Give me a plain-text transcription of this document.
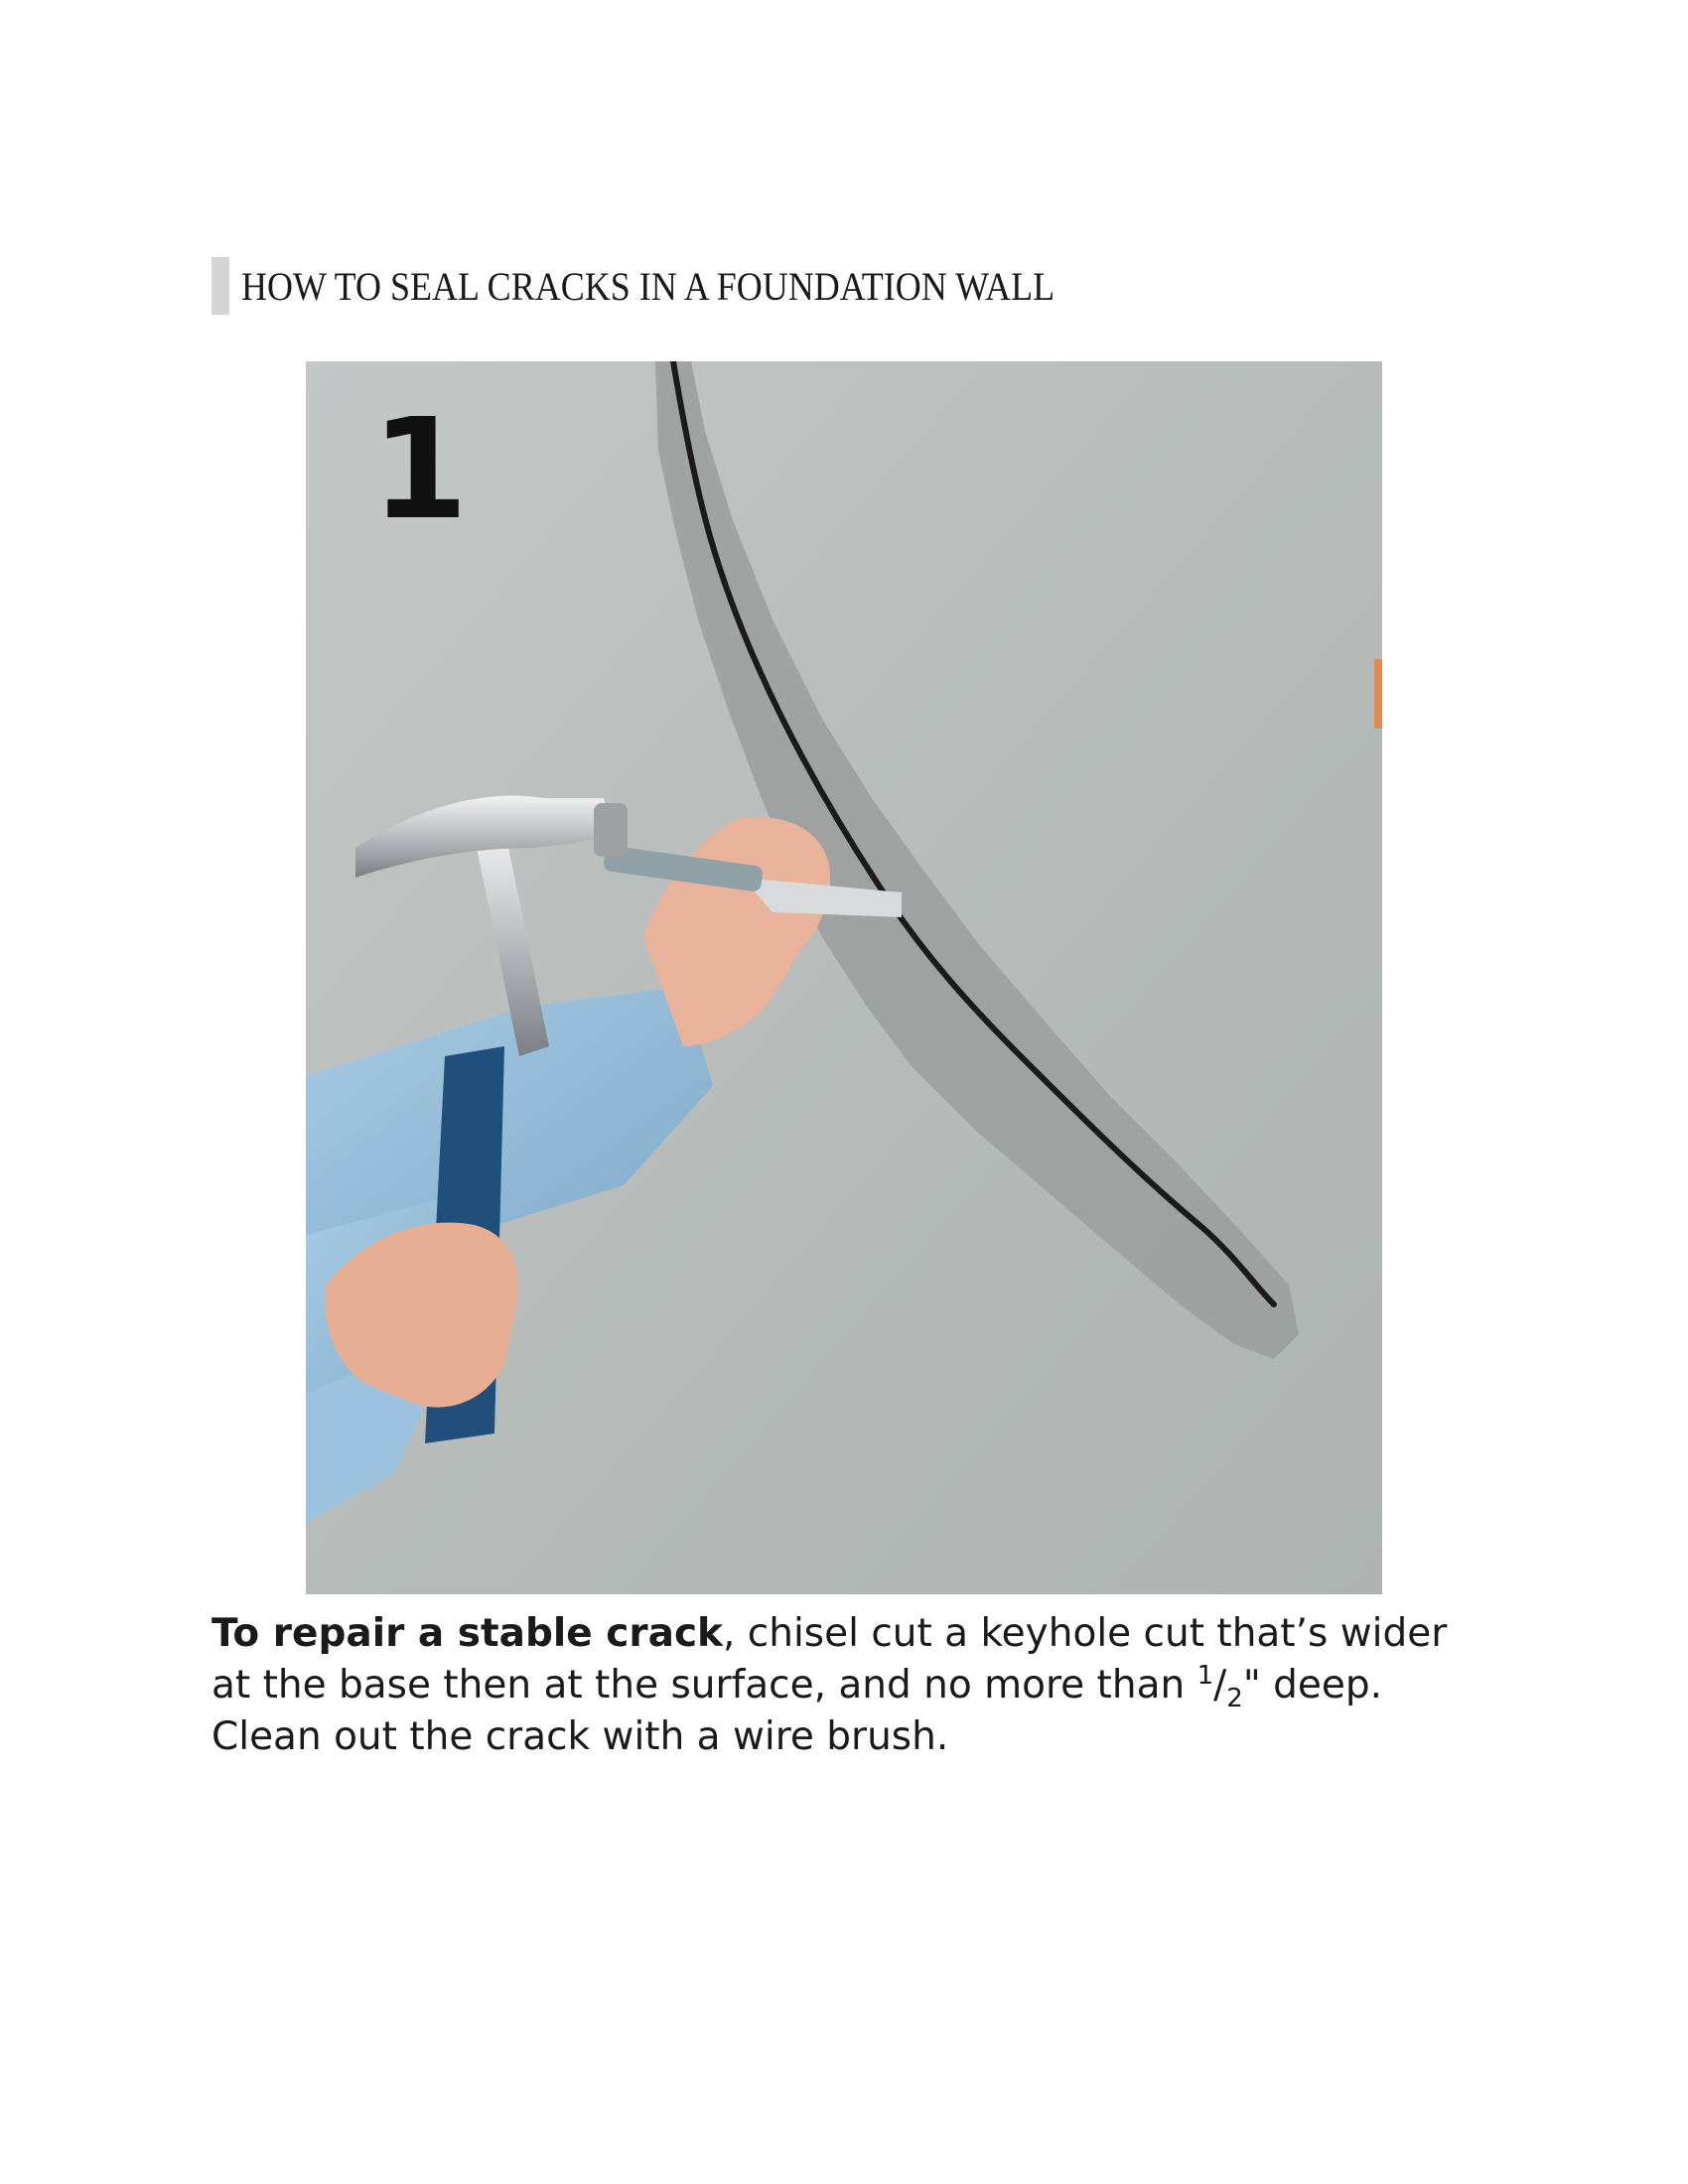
HOW TO SEAL CRACKS IN A FOUNDATION WALL
1
To repair a stable crack, chisel cut a keyhole cut that’s wider at the base then at the surface, and no more than $^1/_2$" deep. Clean out the crack with a wire brush.
